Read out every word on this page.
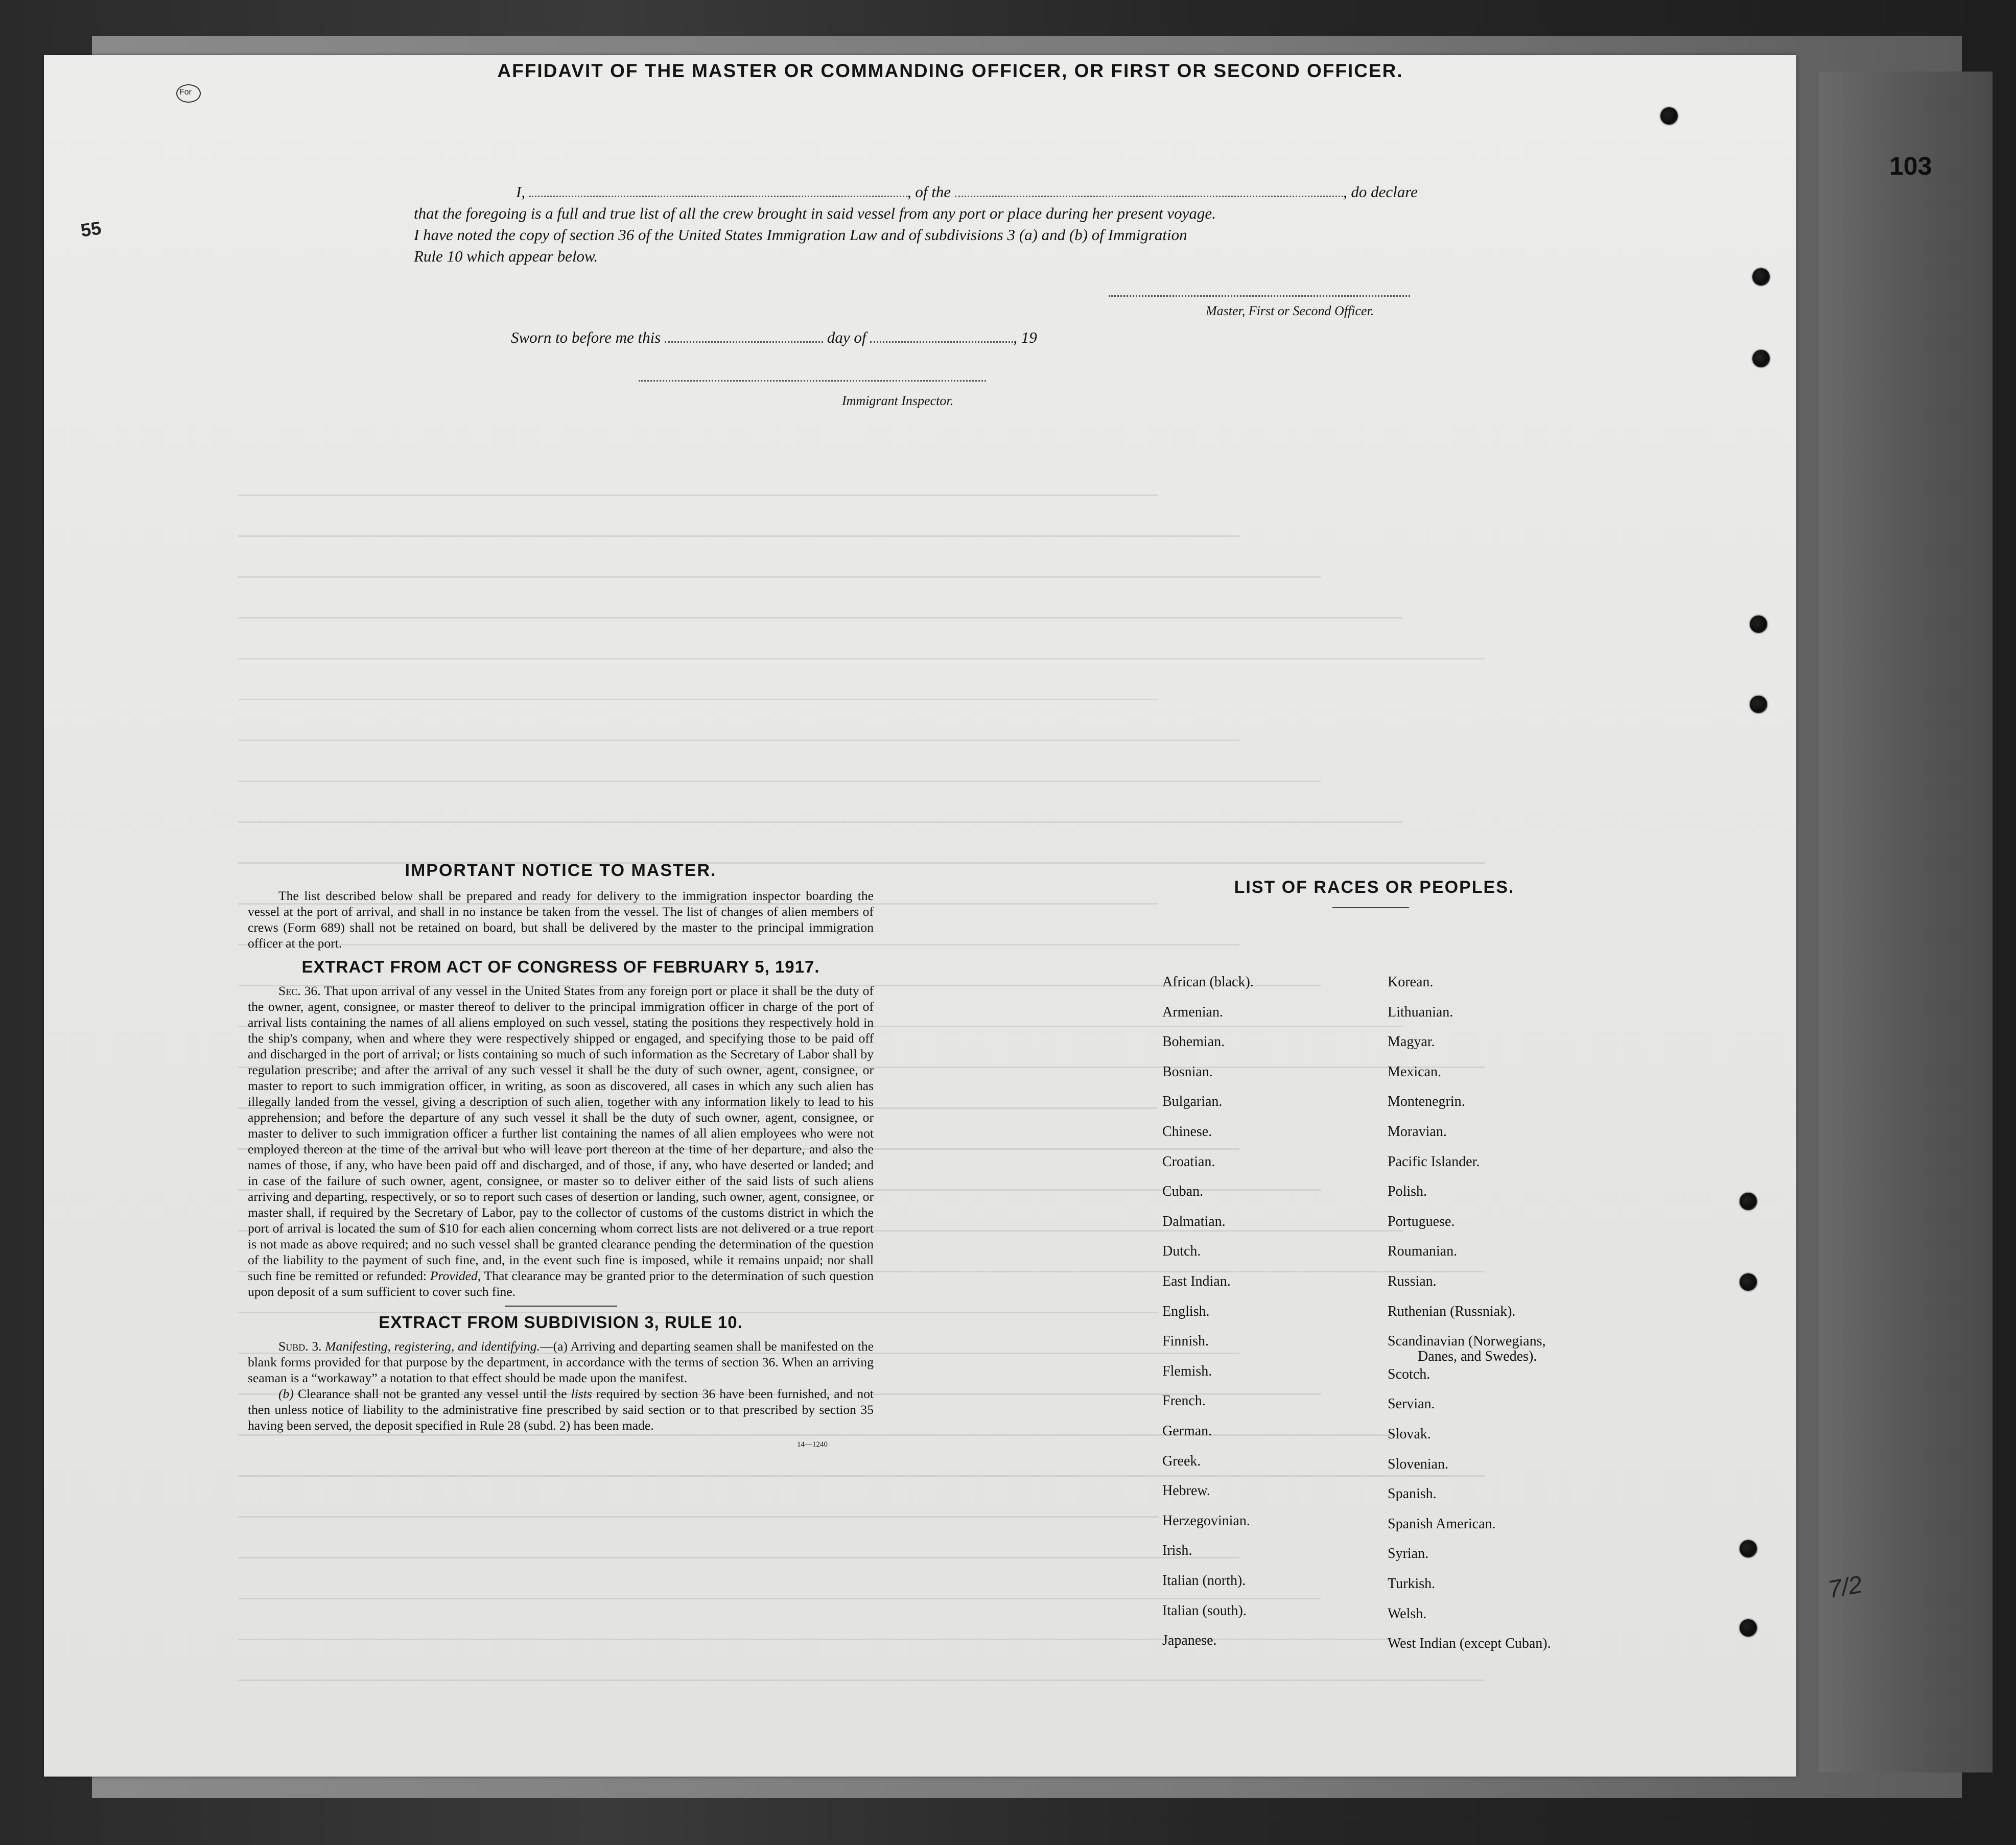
For
55
103
7/2
AFFIDAVIT OF THE MASTER OR COMMANDING OFFICER, OR FIRST OR SECOND OFFICER.
I,	, of the	, do declare
that the foregoing is a full and true list of all the crew brought in said vessel from any port or place during her present voyage.
I have noted the copy of section 36 of the United States Immigration Law and of subdivisions 3 (a) and (b) of Immigration
Rule 10 which appear below.
Master, First or Second Officer.
Sworn to before me this	day of	, 19
Immigrant Inspector.
IMPORTANT NOTICE TO MASTER.

The list described below shall be prepared and ready for delivery to the immigration inspector boarding the vessel at the port of arrival, and shall in no instance be taken from the vessel. The list of changes of alien members of crews (Form 689) shall not be retained on board, but shall be delivered by the master to the principal immigration officer at the port.

EXTRACT FROM ACT OF CONGRESS OF FEBRUARY 5, 1917.

Sec. 36. That upon arrival of any vessel in the United States from any foreign port or place it shall be the duty of the owner, agent, consignee, or master thereof to deliver to the principal immigration officer in charge of the port of arrival lists containing the names of all aliens employed on such vessel, stating the positions they respectively hold in the ship's company, when and where they were respectively shipped or engaged, and specifying those to be paid off and discharged in the port of arrival; or lists containing so much of such information as the Secretary of Labor shall by regulation prescribe; and after the arrival of any such vessel it shall be the duty of such owner, agent, consignee, or master to report to such immigration officer, in writing, as soon as discovered, all cases in which any such alien has illegally landed from the vessel, giving a description of such alien, together with any information likely to lead to his apprehension; and before the departure of any such vessel it shall be the duty of such owner, agent, consignee, or master to deliver to such immigration officer a further list containing the names of all alien employees who were not employed thereon at the time of the arrival but who will leave port thereon at the time of her departure, and also the names of those, if any, who have been paid off and discharged, and of those, if any, who have deserted or landed; and in case of the failure of such owner, agent, consignee, or master so to deliver either of the said lists of such aliens arriving and departing, respectively, or so to report such cases of desertion or landing, such owner, agent, consignee, or master shall, if required by the Secretary of Labor, pay to the collector of customs of the customs district in which the port of arrival is located the sum of $10 for each alien concerning whom correct lists are not delivered or a true report is not made as above required; and no such vessel shall be granted clearance pending the determination of the question of the liability to the payment of such fine, and, in the event such fine is imposed, while it remains unpaid; nor shall such fine be remitted or refunded: Provided, That clearance may be granted prior to the determination of such question upon deposit of a sum sufficient to cover such fine.

EXTRACT FROM SUBDIVISION 3, RULE 10.

Subd. 3. Manifesting, registering, and identifying.—(a) Arriving and departing seamen shall be manifested on the blank forms provided for that purpose by the department, in accordance with the terms of section 36. When an arriving seaman is a “workaway” a notation to that effect should be made upon the manifest.

(b) Clearance shall not be granted any vessel until the lists required by section 36 have been furnished, and not then unless notice of liability to the administrative fine prescribed by said section or to that prescribed by section 35 having been served, the deposit specified in Rule 28 (subd. 2) has been made.

14—1240
LIST OF RACES OR PEOPLES.
African (black).
Armenian.
Bohemian.
Bosnian.
Bulgarian.
Chinese.
Croatian.
Cuban.
Dalmatian.
Dutch.
East Indian.
English.
Finnish.
Flemish.
French.
German.
Greek.
Hebrew.
Herzegovinian.
Irish.
Italian (north).
Italian (south).
Japanese.
Korean.
Lithuanian.
Magyar.
Mexican.
Montenegrin.
Moravian.
Pacific Islander.
Polish.
Portuguese.
Roumanian.
Russian.
Ruthenian (Russniak).
Scandinavian (Norwegians,
Scotch.
Servian.
Slovak.
Slovenian.
Spanish.
Spanish American.
Syrian.
Turkish.
Welsh.
West Indian (except Cuban).
Danes, and Swedes).
